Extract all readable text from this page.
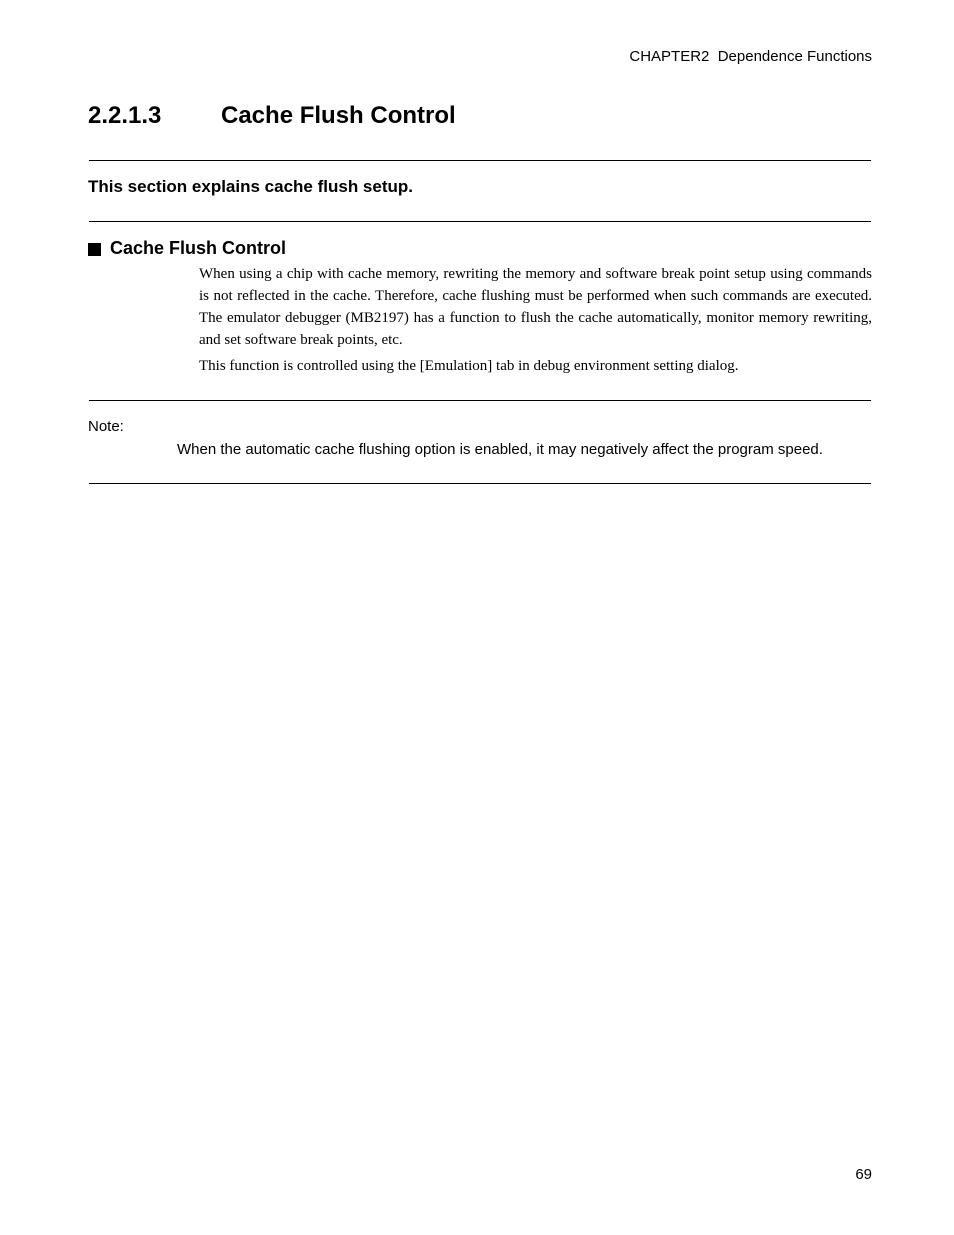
CHAPTER2  Dependence Functions
2.2.1.3	Cache Flush Control
This section explains cache flush setup.
Cache Flush Control
When using a chip with cache memory, rewriting the memory and software break point setup using commands is not reflected in the cache. Therefore, cache flushing must be performed when such commands are executed. The emulator debugger (MB2197) has a function to flush the cache automatically, monitor memory rewriting, and set software break points, etc.
This function is controlled using the [Emulation] tab in debug environment setting dialog.
Note:
When the automatic cache flushing option is enabled, it may negatively affect the program speed.
69
